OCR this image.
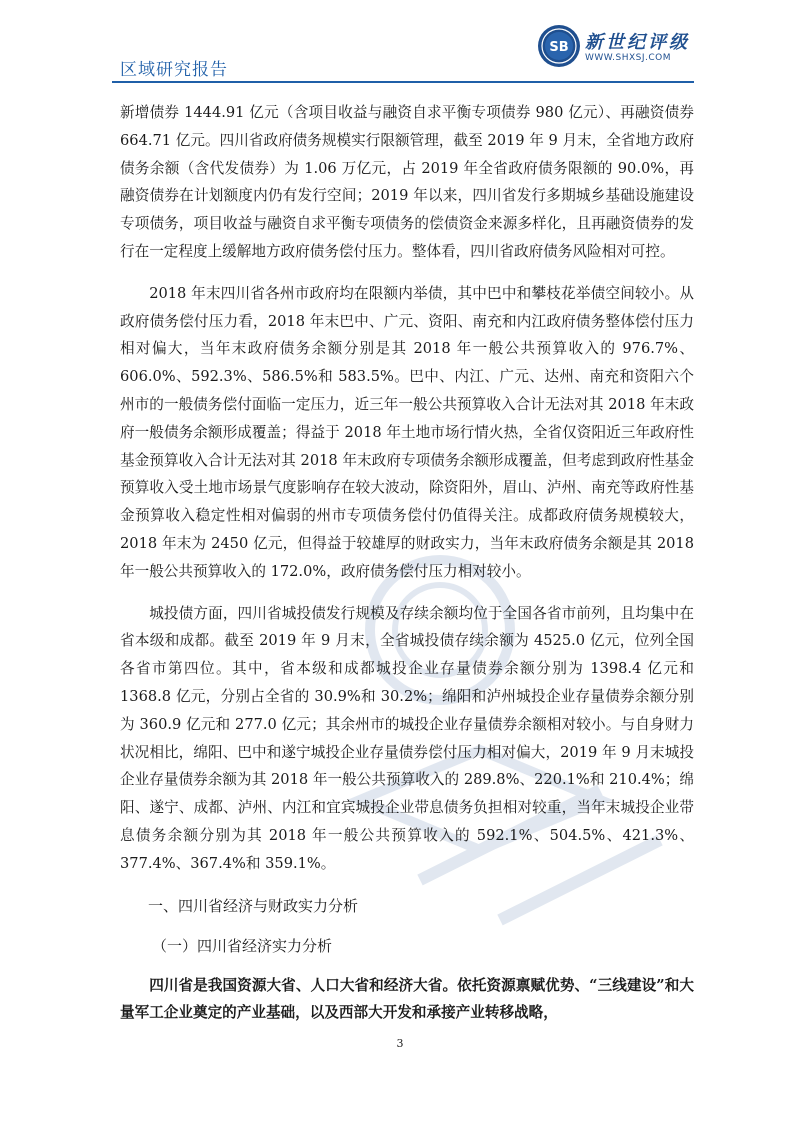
SB 新世纪评级
WWW.SHXSJ.COM
区域研究报告

新增债券 1444.91 亿元（含项目收益与融资自求平衡专项债券 980 亿元）、再融资债券 664.71 亿元。四川省政府债务规模实行限额管理，截至 2019 年 9 月末，全省地方政府债务余额（含代发债券）为 1.06 万亿元，占 2019 年全省政府债务限额的 90.0%，再融资债券在计划额度内仍有发行空间；2019 年以来，四川省发行多期城乡基础设施建设专项债务，项目收益与融资自求平衡专项债务的偿债资金来源多样化，且再融资债券的发行在一定程度上缓解地方政府债务偿付压力。整体看，四川省政府债务风险相对可控。

2018 年末四川省各州市政府均在限额内举债，其中巴中和攀枝花举债空间较小。从政府债务偿付压力看，2018 年末巴中、广元、资阳、南充和内江政府债务整体偿付压力相对偏大，当年末政府债务余额分别是其 2018 年一般公共预算收入的 976.7%、606.0%、592.3%、586.5%和 583.5%。巴中、内江、广元、达州、南充和资阳六个州市的一般债务偿付面临一定压力，近三年一般公共预算收入合计无法对其 2018 年末政府一般债务余额形成覆盖；得益于 2018 年土地市场行情火热，全省仅资阳近三年政府性基金预算收入合计无法对其 2018 年末政府专项债务余额形成覆盖，但考虑到政府性基金预算收入受土地市场景气度影响存在较大波动，除资阳外，眉山、泸州、南充等政府性基金预算收入稳定性相对偏弱的州市专项债务偿付仍值得关注。成都政府债务规模较大，2018 年末为 2450 亿元，但得益于较雄厚的财政实力，当年末政府债务余额是其 2018 年一般公共预算收入的 172.0%，政府债务偿付压力相对较小。

城投债方面，四川省城投债发行规模及存续余额均位于全国各省市前列，且均集中在省本级和成都。截至 2019 年 9 月末，全省城投债存续余额为 4525.0 亿元，位列全国各省市第四位。其中，省本级和成都城投企业存量债券余额分别为 1398.4 亿元和 1368.8 亿元，分别占全省的 30.9%和 30.2%；绵阳和泸州城投企业存量债券余额分别为 360.9 亿元和 277.0 亿元；其余州市的城投企业存量债券余额相对较小。与自身财力状况相比，绵阳、巴中和遂宁城投企业存量债券偿付压力相对偏大，2019 年 9 月末城投企业存量债券余额为其 2018 年一般公共预算收入的 289.8%、220.1%和 210.4%；绵阳、遂宁、成都、泸州、内江和宜宾城投企业带息债务负担相对较重，当年末城投企业带息债务余额分别为其 2018 年一般公共预算收入的 592.1%、504.5%、421.3%、377.4%、367.4%和 359.1%。

一、四川省经济与财政实力分析

（一）四川省经济实力分析

四川省是我国资源大省、人口大省和经济大省。依托资源禀赋优势、“三线建设”和大量军工企业奠定的产业基础，以及西部大开发和承接产业转移战略，

3
